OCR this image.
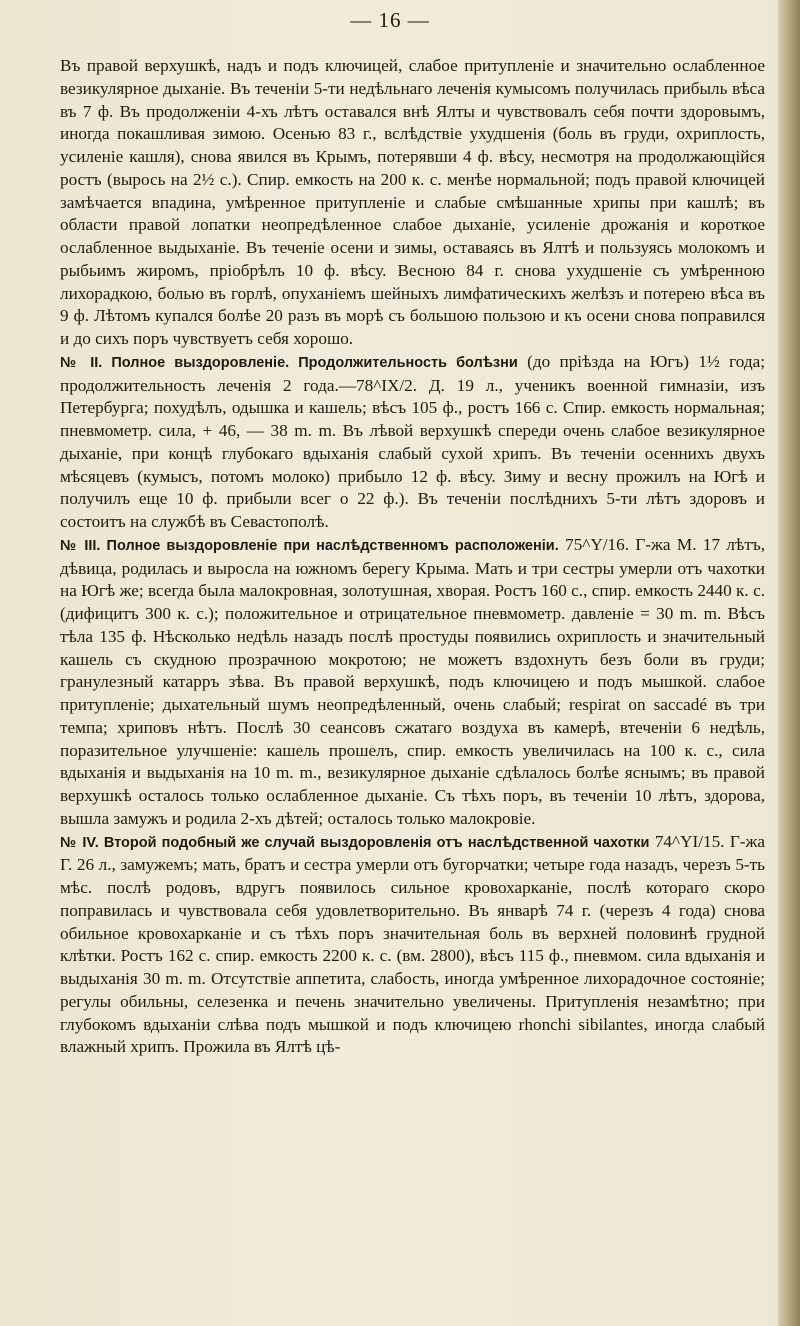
— 16 —

Въ правой верхушкѣ, надъ и подъ ключицей, слабое притупленіе и значительно ослабленное везикулярное дыханіе. Въ теченіи 5-ти недѣльнаго леченія кумысомъ получилась прибыль вѣса въ 7 ф. Въ продолженіи 4-хъ лѣтъ оставался внѣ Ялты и чувствовалъ себя почти здоровымъ, иногда покашливая зимою. Осенью 83 г., вслѣдствіе ухудшенія (боль въ груди, охриплость, усиленіе кашля), снова явился въ Крымъ, потерявши 4 ф. вѣсу, несмотря на продолжающійся ростъ (вырось на 2½ с.). Спир. емкость на 200 к. с. менѣе нормальной; подъ правой ключицей замѣчается впадина, умѣренное притупленіе и слабые смѣшанные хрипы при кашлѣ; въ области правой лопатки неопредѣленное слабое дыханіе, усиленіе дрожанія и короткое ослабленное выдыханіе. Въ теченіе осени и зимы, оставаясь въ Ялтѣ и пользуясь молокомъ и рыбьимъ жиромъ, пріобрѣлъ 10 ф. вѣсу. Весною 84 г. снова ухудшеніе съ умѣренною лихорадкою, болью въ горлѣ, опуханіемъ шейныхъ лимфатическихъ желѣзъ и потерею вѣса въ 9 ф. Лѣтомъ купался болѣе 20 разъ въ морѣ съ большою пользою и къ осени снова поправился и до сихъ поръ чувствуетъ себя хорошо.

№ II. Полное выздоровленіе. Продолжительность болѣзни (до пріѣзда на Югъ) 1½ года; продолжительность леченія 2 года.—78^IX/2. Д. 19 л., ученикъ военной гимназіи, изъ Петербурга; похудѣлъ, одышка и кашель; вѣсъ 105 ф., ростъ 166 с. Спир. емкость нормальная; пневмометр. сила, + 46, — 38 m. m. Въ лѣвой верхушкѣ спереди очень слабое везикулярное дыханіе, при концѣ глубокаго вдыханія слабый сухой хрипъ. Въ теченіи осеннихъ двухъ мѣсяцевъ (кумысъ, потомъ молоко) прибыло 12 ф. вѣсу. Зиму и весну прожилъ на Югѣ и получилъ еще 10 ф. прибыли всег о 22 ф.). Въ теченіи послѣднихъ 5-ти лѣтъ здоровъ и состоитъ на службѣ въ Севастополѣ.

№ III. Полное выздоровленіе при наслѣдственномъ расположеніи. 75^Y/16. Г-жа М. 17 лѣтъ, дѣвица, родилась и выросла на южномъ берегу Крыма. Мать и три сестры умерли отъ чахотки на Югѣ же; всегда была малокровная, золотушная, хворая. Ростъ 160 с., спир. емкость 2440 к. с. (дифицитъ 300 к. с.); положительное и отрицательное пневмометр. давленіе = 30 m. m. Вѣсъ тѣла 135 ф. Нѣсколько недѣль назадъ послѣ простуды появились охриплость и значительный кашель съ скудною прозрачною мокротою; не можетъ вздохнуть безъ боли въ груди; гранулезный катарръ зѣва. Въ правой верхушкѣ, подъ ключицею и подъ мышкой. слабое притупленіе; дыхательный шумъ неопредѣленный, очень слабый; respirat on saccadé въ три темпа; хриповъ нѣтъ. Послѣ 30 сеансовъ сжатаго воздуха въ камерѣ, втеченіи 6 недѣль, поразительное улучшеніе: кашель прошелъ, спир. емкость увеличилась на 100 к. с., сила вдыханія и выдыханія на 10 m. m., везикулярное дыханіе сдѣлалось болѣе яснымъ; въ правой верхушкѣ осталось только ослабленное дыханіе. Съ тѣхъ поръ, въ теченіи 10 лѣтъ, здорова, вышла замужъ и родила 2-хъ дѣтей; осталось только малокровіе.

№ IV. Второй подобный же случай выздоровленія отъ наслѣдственной чахотки 74^YI/15. Г-жа Г. 26 л., замужемъ; мать, братъ и сестра умерли отъ бугорчатки; четыре года назадъ, черезъ 5-ть мѣс. послѣ родовъ, вдругъ появилось сильное кровохарканіе, послѣ котораго скоро поправилась и чувствовала себя удовлетворительно. Въ январѣ 74 г. (черезъ 4 года) снова обильное кровохарканіе и съ тѣхъ поръ значительная боль въ верхней половинѣ грудной клѣтки. Ростъ 162 с. спир. емкость 2200 к. с. (вм. 2800), вѣсъ 115 ф., пневмом. сила вдыханія и выдыханія 30 m. m. Отсутствіе аппетита, слабость, иногда умѣренное лихорадочное состояніе; регулы обильны, селезенка и печень значительно увеличены. Притупленія незамѣтно; при глубокомъ вдыханіи слѣва подъ мышкой и подъ ключицею rhonchi sibilantes, иногда слабый влажный хрипъ. Прожила въ Ялтѣ цѣ-
